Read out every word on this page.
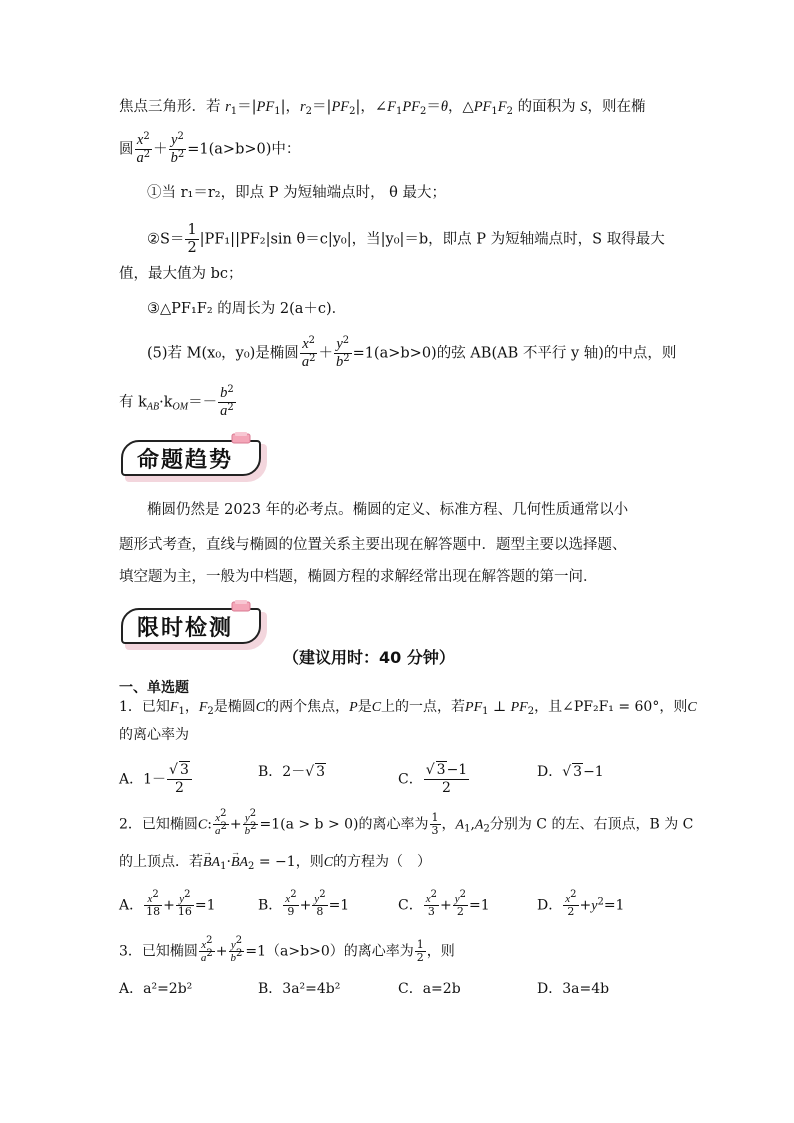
焦点三角形．若 $r_1=|PF_1|$，$r_2=|PF_2|$，$\angle F_1PF_2=\theta$，$\triangle PF_1F_2$ 的面积为 S，则在椭
圆 $\frac{x^2}{a^2} + \frac{y^2}{b^2} =1(a>b>0)$中：
①当 r₁＝r₂，即点 P 为短轴端点时， θ 最大；
②S＝ $\frac{1}{2} |PF_1||PF_2|\sin$ θ＝c|y₀|，当|y₀|＝b，即点 P 为短轴端点时，S 取得最大
值，最大值为 bc；
③△PF₁F₂ 的周长为 2(a＋c)．
(5)若 M(x₀，y₀)是椭圆 $\frac{x^2}{a^2} + \frac{y^2}{b^2} =1(a>b>0)$的弦 AB(AB 不平行 y 轴)的中点，则
有 $k_{AB}\cdot k_{OM}=- \frac{b^2}{a^2}$
命题趋势
椭圆仍然是 2023 年的必考点。椭圆的定义、标准方程、几何性质通常以小
题形式考查，直线与椭圆的位置关系主要出现在解答题中．题型主要以选择题、
填空题为主，一般为中档题，椭圆方程的求解经常出现在解答题的第一问．
限时检测
（建议用时：40 分钟）
一、单选题
1．已知$F_1$，$F_2$是椭圆C的两个焦点，P是C上的一点，若$PF_1$ ⊥ $PF_2$，且∠PF₂F₁ = 60°，则C
的离心率为
A．$1- \frac{√ 3}{2}$	B．2－√ 3	C． $\frac{√ 3-1}{2}$	D．√ 3−1
2．已知椭圆C: $\frac{x^2}{a^2} + \frac{y^2}{b^2} =1(a > b > 0)$的离心率为 $\frac{1}{3}$ ，$A_1,A_2$分别为 C 的左、右顶点，B 为 C
的上顶点．若→ $BA_1\cdot\to BA_2 = -1$，则C的方程为（　）
A． $\frac{x^2}{18} + \frac{y^2}{16} =1$	B． $\frac{x^2}{9} + \frac{y^2}{8} =1$	C． $\frac{x^2}{3} + \frac{y^2}{2} =1$	D． $\frac{x^2}{2} +y^2=1$
3．已知椭圆 $\frac{x^2}{a^2} + \frac{y^2}{b^2} =1(a>b>0)$的离心率为 $\frac{1}{2}$ ，则
A．a²=2b²	B．3a²=4b²	C．a=2b	D．3a=4b
